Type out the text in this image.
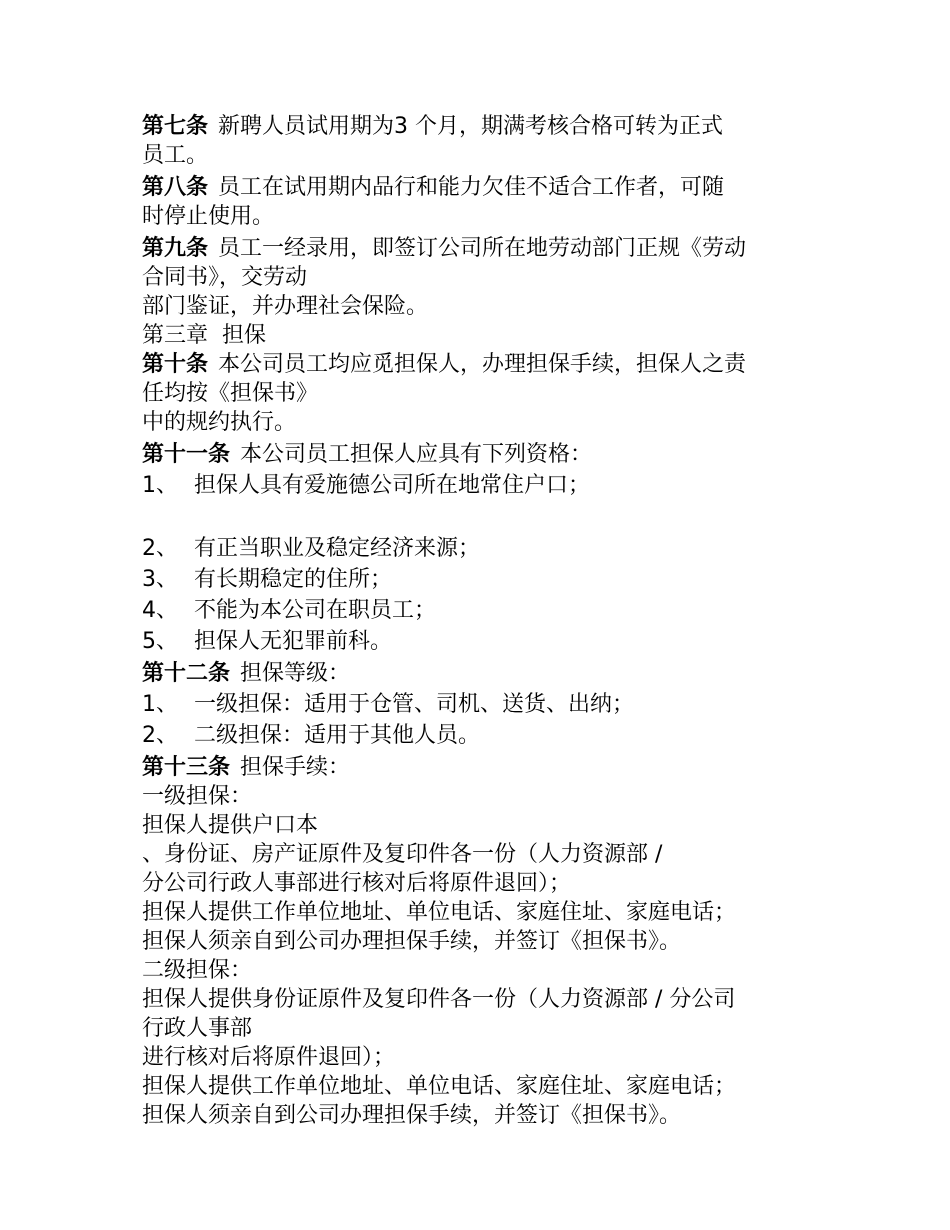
第七条 新聘人员试用期为3 个月，期满考核合格可转为正式
员工。
第八条 员工在试用期内品行和能力欠佳不适合工作者，可随
时停止使用。
第九条 员工一经录用，即签订公司所在地劳动部门正规《劳动
合同书》，交劳动
部门鉴证，并办理社会保险。
第三章  担保
第十条 本公司员工均应觅担保人，办理担保手续，担保人之责
任均按《担保书》
中的规约执行。
第十一条 本公司员工担保人应具有下列资格：
1、 担保人具有爱施德公司所在地常住户口；
2、 有正当职业及稳定经济来源；
3、 有长期稳定的住所；
4、 不能为本公司在职员工；
5、 担保人无犯罪前科。
第十二条 担保等级：
1、 一级担保：适用于仓管、司机、送货、出纳；
2、 二级担保：适用于其他人员。
第十三条 担保手续：
一级担保：
担保人提供户口本
、身份证、房产证原件及复印件各一份（人力资源部 /
分公司行政人事部进行核对后将原件退回）；
担保人提供工作单位地址、单位电话、家庭住址、家庭电话；
担保人须亲自到公司办理担保手续，并签订《担保书》。
二级担保：
担保人提供身份证原件及复印件各一份（人力资源部 / 分公司
行政人事部
进行核对后将原件退回）；
担保人提供工作单位地址、单位电话、家庭住址、家庭电话；
担保人须亲自到公司办理担保手续，并签订《担保书》。
